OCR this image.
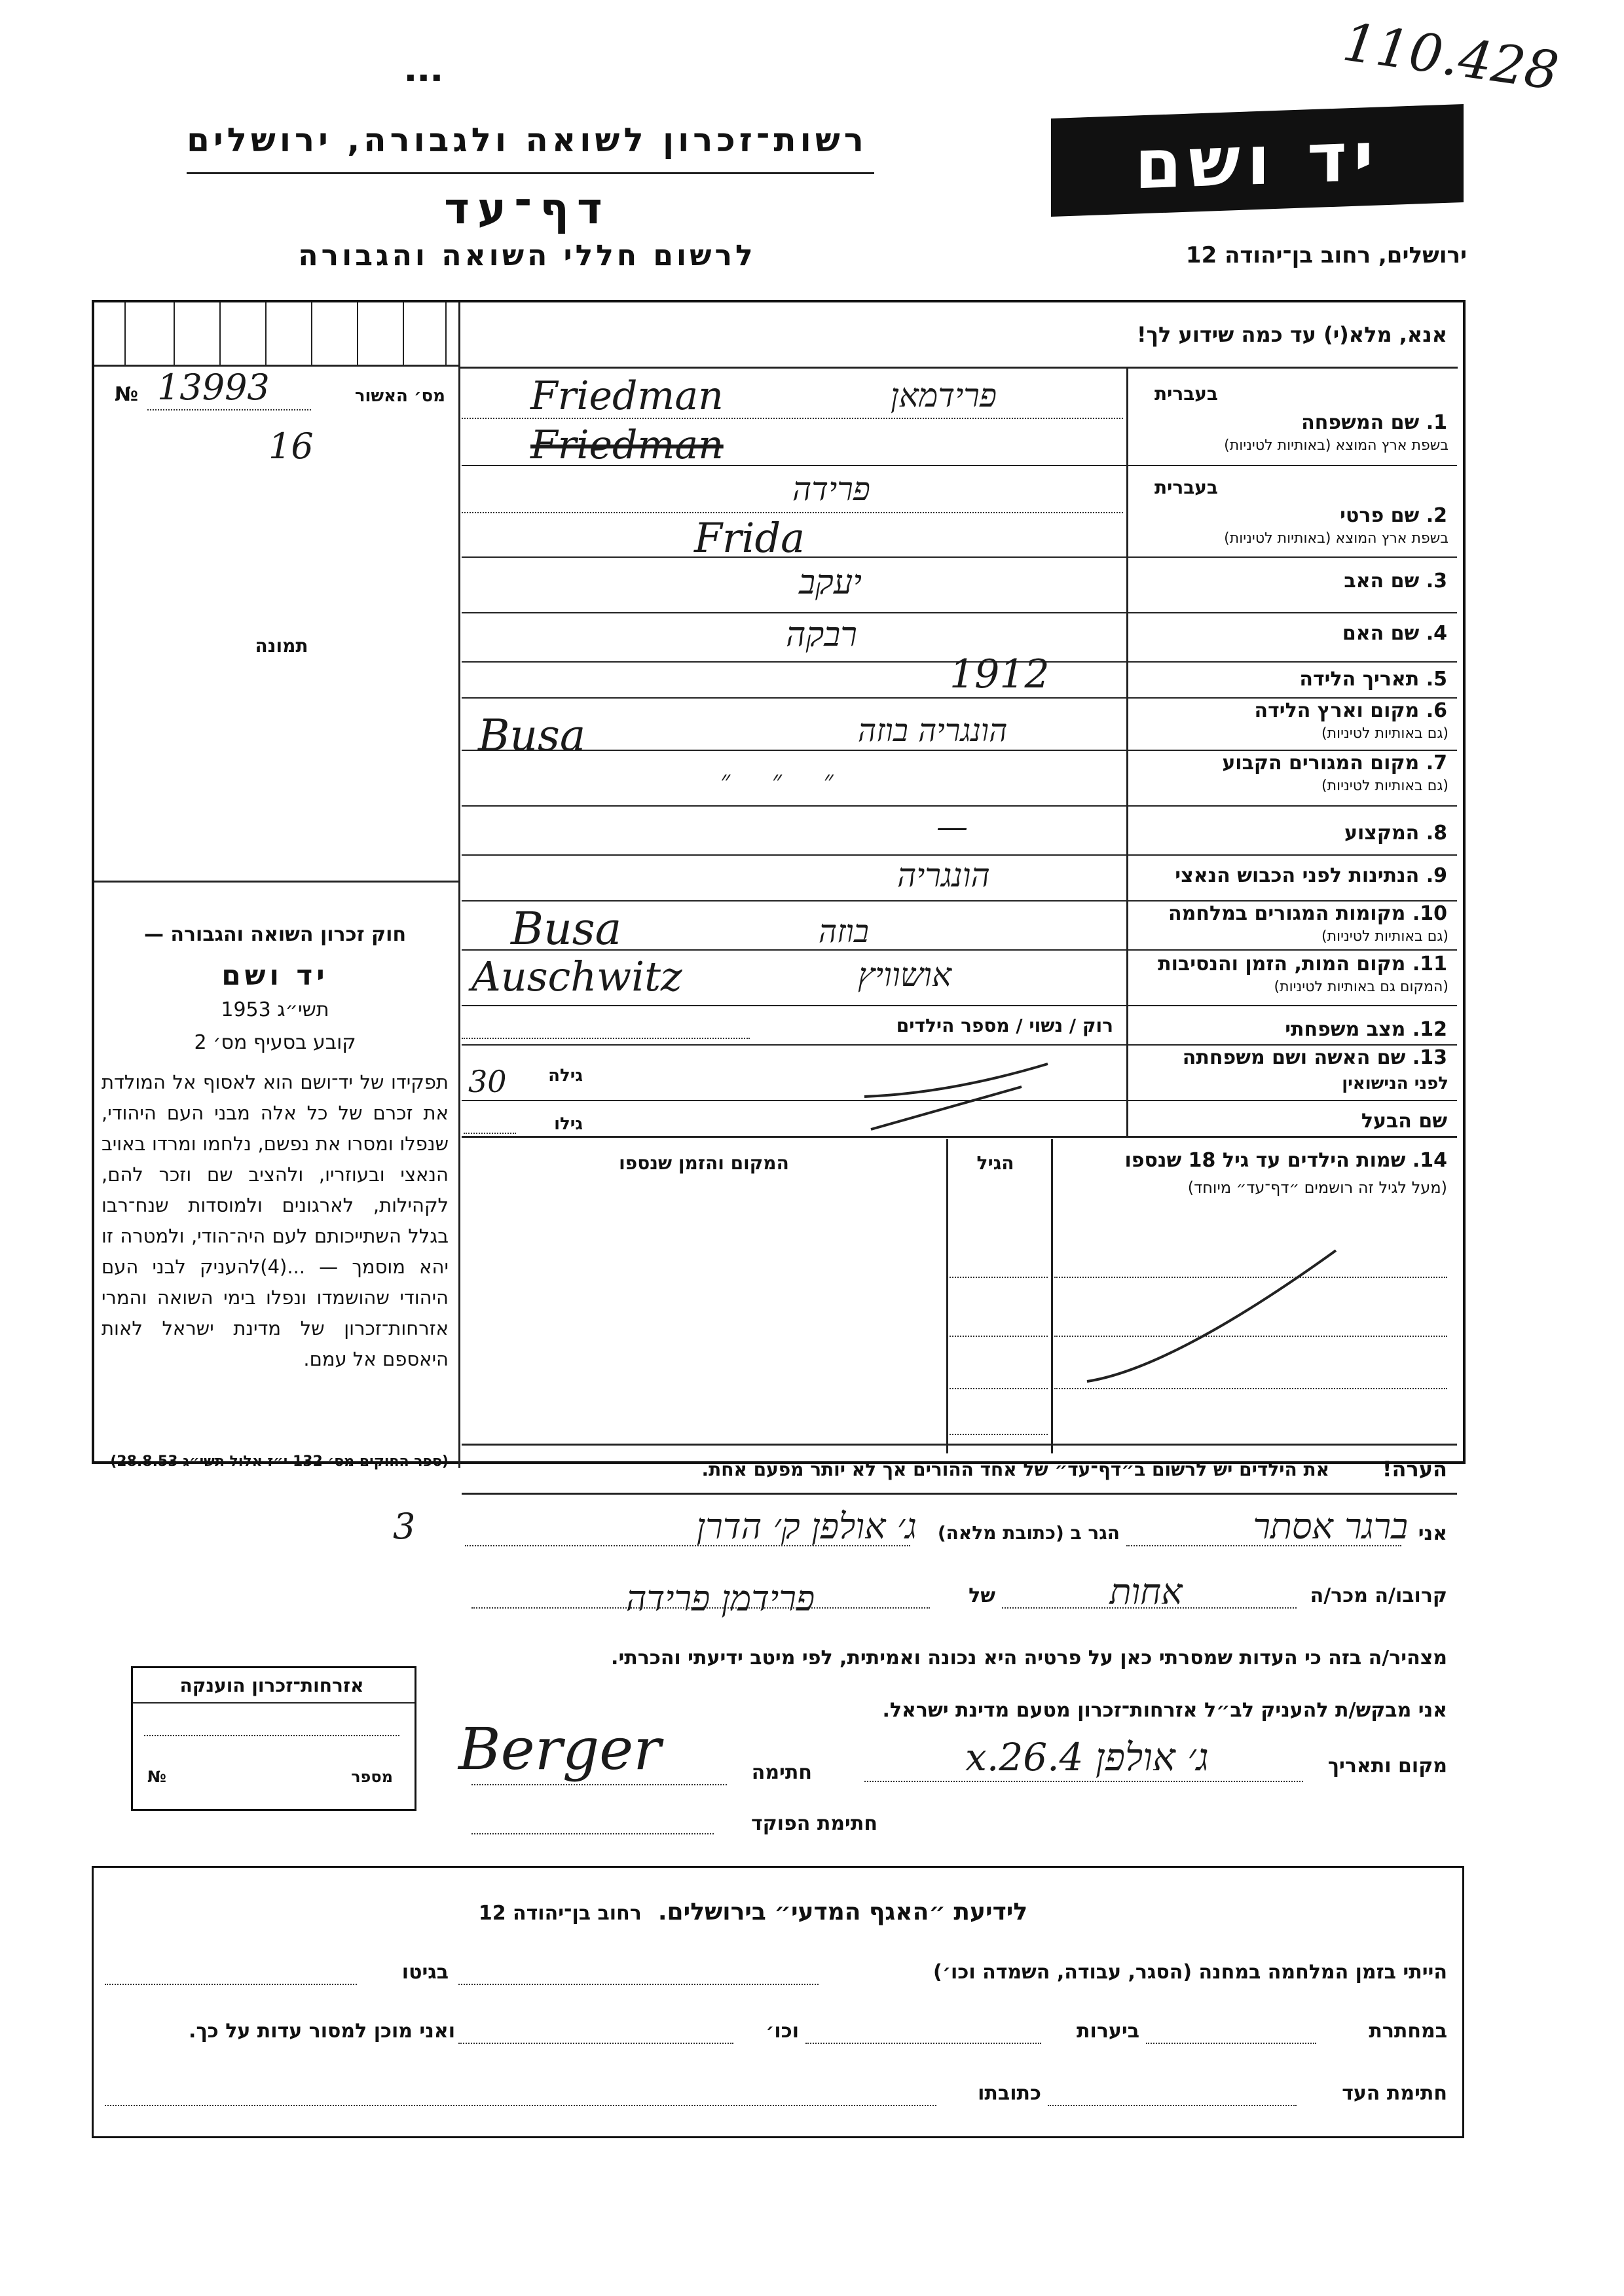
110.428
▪ ▪ ▪
רשות־זכרון לשואה ולגבורה, ירושלים
דף־עד
לרשום חללי השואה והגבורה
יד ושם
ירושלים, רחוב בן־יהודה 12
מס׳ האשור
№ 13993
16
תמונה
אנא, מלא(י) עד כמה שידוע לך!
בעברית
1. שם המשפחה
בשפת ארץ המוצא (באותיות לטיניות)
פרידמאן
Friedman
Friedman
בעברית
2. שם פרטי
בשפת ארץ המוצא (באותיות לטיניות)
פרידה
Frida
3. שם האב
יעקב
4. שם האם
רבקה
5. תאריך הלידה
1912
6. מקום וארץ הלידה
(גם באותיות לטיניות)
הונגריה בוזה
Busa
7. מקום המגורים הקבוע
(גם באותיות לטיניות)
״     ״     ״
8. המקצוע
—
9. הנתינות לפני הכבוש הנאצי
הונגריה
10. מקומות המגורים במלחמה
(גם באותיות לטיניות)
בוזה
Busa
11. מקום המות, הזמן והנסיבות
(המקום גם באותיות לטיניות)
אושוויץ
Auschwitz
12. מצב משפחתי
רוק / נשוי / מספר הילדים
13. שם האשה ושם משפחתה
לפני הנישואין
גילה
30
שם הבעל
גילו
14. שמות הילדים עד גיל 18 שנספו
(מעל לגיל זה רושמים ״דף־עד״ מיוחד)
הגיל
המקום והזמן שנספו
הערה!
את הילדים יש לרשום ב״דף־עד״ של אחד ההורים אך לא יותר מפעם אחת.
חוק זכרון השואה והגבורה —
יד ושם
תשי״ג 1953
קובע בסעיף מס׳ 2
תפקידו של יד־ושם הוא לאסוף אל המולדת את זכרם של כל אלה מבני העם היהודי, שנפלו ומסרו את נפשם, נלחמו ומרדו באויב הנאצי ובעוזריו, ולהציב שם וזכר להם, לקהילות, לארגונים ולמוסדות שנח־רבו בגלל השתייכותם לעם היה־הודי, ולמטרה זו יהא מוסמך — ...(4)להעניק לבני העם היהודי שהושמדו ונפלו בימי השואה והמרי אזרחות־זכרון של מדינת ישראל לאות היאספם אל עמם.
(ספר החוקים מס׳ 132 י״ז אלול תשי״ג 28.8.53)
אני
ברגר אסתר
הגר ב (כתובת מלאה)
ג׳ אולפן ק׳ הדרן
3
קרובו/ה מכר/ה
אחות
של
פרידמן פרידה
מצהיר/ה בזה כי העדות שמסרתי כאן על פרטיה היא נכונה ואמיתית, לפי מיטב ידיעתי והכרתי.
אני מבקש/ת להעניק לב״ל אזרחות־זכרון מטעם מדינת ישראל.
מקום ותאריך
ג׳ אולפן 26.4.x
חתימה
Berger
חתימת הפוקד
אזרחות־זכרון הוענקה
מספר
№
לידיעת ״האגף המדעי״ בירושלים.  רחוב בן־יהודה 12
הייתי בזמן המלחמה במחנה (הסגר, עבודה, השמדה וכו׳)
בגיטו
במחתרת
ביערות
וכו׳
ואני מוכן למסור עדות על כך.
חתימת העד
כתובתו
